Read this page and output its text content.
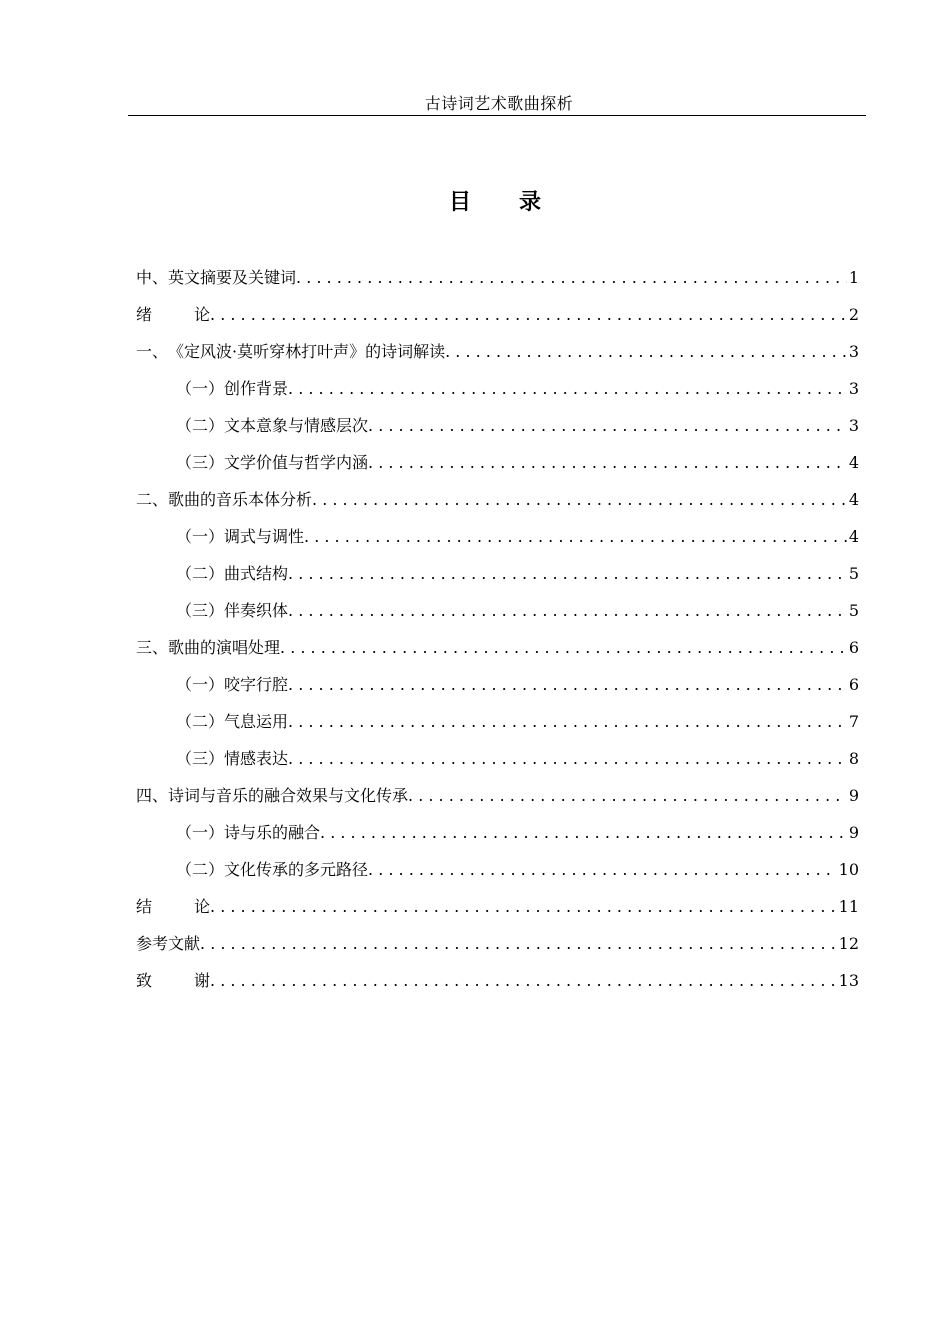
古诗词艺术歌曲探析
目 录
中、英文摘要及关键词 . . .	1
绪	论 . . .	2
一、 《定风波·莫听穿林打叶声》的诗词解读 . . .	3
（一） 创作背景 . . .	3
（二） 文本意象与情感层次 . . .	3
（三） 文学价值与哲学内涵 . . .	4
二、 歌曲的音乐本体分析 . . .	4
（一） 调式与调性 . . .	4
（二） 曲式结构 . . .	5
（三） 伴奏织体 . . .	5
三、 歌曲的演唱处理 . . .	6
（一） 咬字行腔 . . .	6
（二） 气息运用 . . .	7
（三） 情感表达 . . .	8
四、 诗词与音乐的融合效果与文化传承 . . .	9
（一） 诗与乐的融合 . . .	9
（二） 文化传承的多元路径 . . .	10
结	论 . . .	11
参考文献 . . .	12
致	谢 . . .	13
